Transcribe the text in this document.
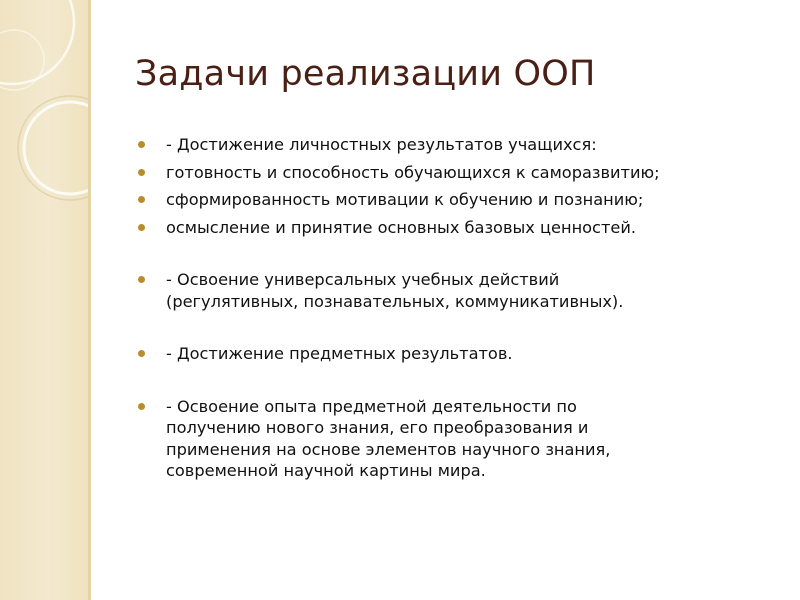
Задачи реализации ООП
- Достижение личностных результатов учащихся:
готовность и способность обучающихся к саморазвитию;
сформированность мотивации к обучению и познанию;
осмысление и принятие основных базовых ценностей.
- Освоение универсальных учебных действий
(регулятивных, познавательных, коммуникативных).
- Достижение предметных результатов.
- Освоение опыта предметной деятельности по
получению нового знания, его преобразования и
применения на основе элементов научного знания,
современной научной картины мира.
